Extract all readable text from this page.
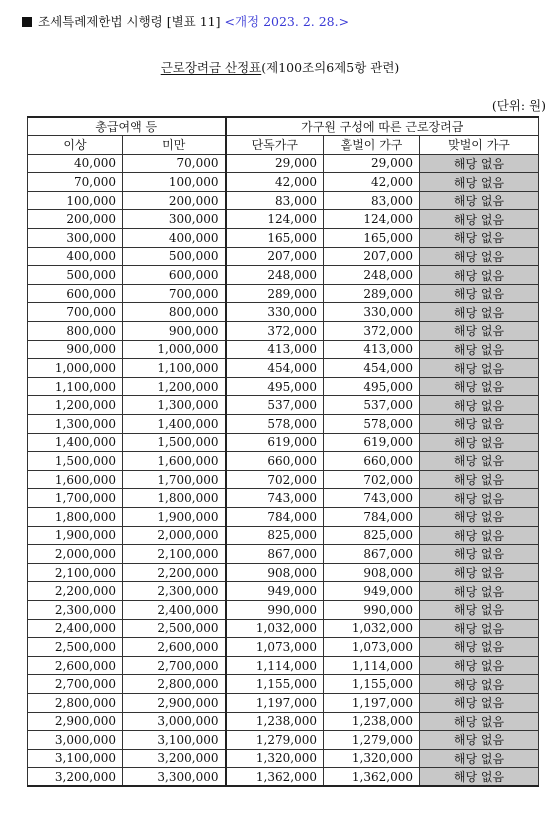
조세특례제한법 시행령 [별표 11] <개정 2023. 2. 28.>
근로장려금 산정표(제100조의6제5항 관련)
(단위: 원)
총급여액 등		가구원 구성에 따른 근로장려금		
이상	미만	단독가구	홑벌이 가구	맞벌이 가구
40,000	70,000	29,000	29,000	해당 없음
70,000	100,000	42,000	42,000	해당 없음
100,000	200,000	83,000	83,000	해당 없음
200,000	300,000	124,000	124,000	해당 없음
300,000	400,000	165,000	165,000	해당 없음
400,000	500,000	207,000	207,000	해당 없음
500,000	600,000	248,000	248,000	해당 없음
600,000	700,000	289,000	289,000	해당 없음
700,000	800,000	330,000	330,000	해당 없음
800,000	900,000	372,000	372,000	해당 없음
900,000	1,000,000	413,000	413,000	해당 없음
1,000,000	1,100,000	454,000	454,000	해당 없음
1,100,000	1,200,000	495,000	495,000	해당 없음
1,200,000	1,300,000	537,000	537,000	해당 없음
1,300,000	1,400,000	578,000	578,000	해당 없음
1,400,000	1,500,000	619,000	619,000	해당 없음
1,500,000	1,600,000	660,000	660,000	해당 없음
1,600,000	1,700,000	702,000	702,000	해당 없음
1,700,000	1,800,000	743,000	743,000	해당 없음
1,800,000	1,900,000	784,000	784,000	해당 없음
1,900,000	2,000,000	825,000	825,000	해당 없음
2,000,000	2,100,000	867,000	867,000	해당 없음
2,100,000	2,200,000	908,000	908,000	해당 없음
2,200,000	2,300,000	949,000	949,000	해당 없음
2,300,000	2,400,000	990,000	990,000	해당 없음
2,400,000	2,500,000	1,032,000	1,032,000	해당 없음
2,500,000	2,600,000	1,073,000	1,073,000	해당 없음
2,600,000	2,700,000	1,114,000	1,114,000	해당 없음
2,700,000	2,800,000	1,155,000	1,155,000	해당 없음
2,800,000	2,900,000	1,197,000	1,197,000	해당 없음
2,900,000	3,000,000	1,238,000	1,238,000	해당 없음
3,000,000	3,100,000	1,279,000	1,279,000	해당 없음
3,100,000	3,200,000	1,320,000	1,320,000	해당 없음
3,200,000	3,300,000	1,362,000	1,362,000	해당 없음
